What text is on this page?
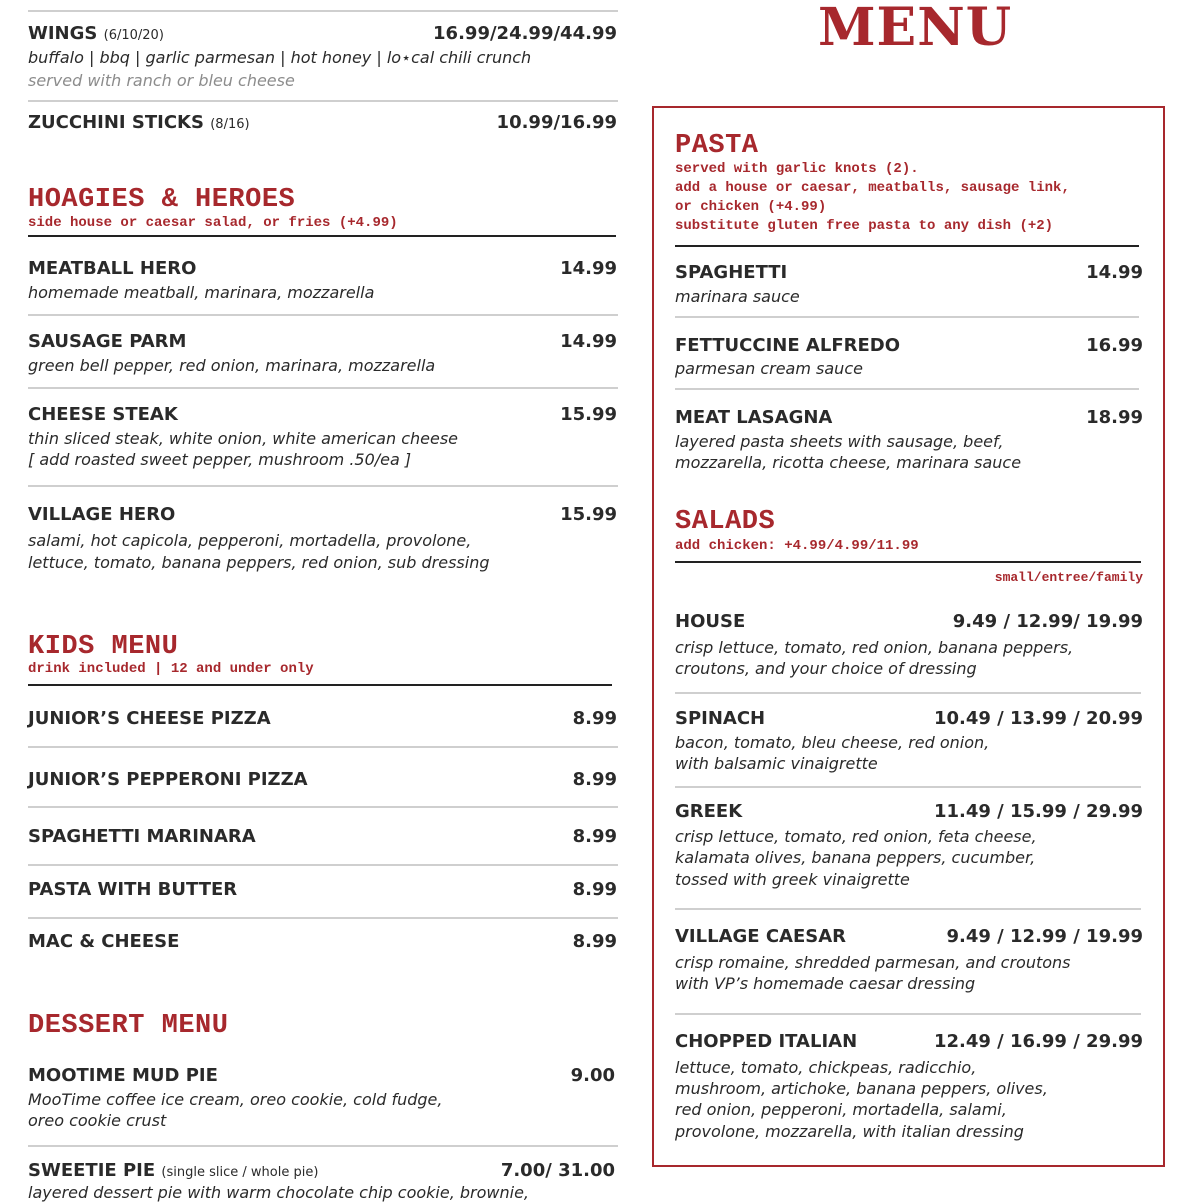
WINGS (6/10/20)	16.99/24.99/44.99
buffalo | bbq | garlic parmesan | hot honey | lo⋆cal chili crunch
served with ranch or bleu cheese
ZUCCHINI STICKS (8/16)	10.99/16.99
HOAGIES & HEROES
side house or caesar salad, or fries (+4.99)
MEATBALL HERO	14.99
homemade meatball, marinara, mozzarella
SAUSAGE PARM	14.99
green bell pepper, red onion, marinara, mozzarella
CHEESE STEAK	15.99
thin sliced steak, white onion, white american cheese
[ add roasted sweet pepper, mushroom .50/ea ]
VILLAGE HERO	15.99
salami, hot capicola, pepperoni, mortadella, provolone,
lettuce, tomato, banana peppers, red onion, sub dressing
KIDS MENU
drink included | 12 and under only
JUNIOR’S CHEESE PIZZA	8.99
JUNIOR’S PEPPERONI PIZZA	8.99
SPAGHETTI MARINARA	8.99
PASTA WITH BUTTER	8.99
MAC & CHEESE	8.99
DESSERT MENU
MOOTIME MUD PIE	9.00
MooTime coffee ice cream, oreo cookie, cold fudge,
oreo cookie crust
SWEETIE PIE (single slice / whole pie)	7.00/ 31.00
layered dessert pie with warm chocolate chip cookie, brownie,
MENU
PASTA
served with garlic knots (2).
add a house or caesar, meatballs, sausage link,
or chicken (+4.99)
substitute gluten free pasta to any dish (+2)
SPAGHETTI	14.99
marinara sauce
FETTUCCINE ALFREDO	16.99
parmesan cream sauce
MEAT LASAGNA	18.99
layered pasta sheets with sausage, beef,
mozzarella, ricotta cheese, marinara sauce
SALADS
add chicken: +4.99/4.99/11.99
small/entree/family
HOUSE	9.49 / 12.99/ 19.99
crisp lettuce, tomato, red onion, banana peppers,
croutons, and your choice of dressing
SPINACH	10.49 / 13.99 / 20.99
bacon, tomato, bleu cheese, red onion,
with balsamic vinaigrette
GREEK	11.49 / 15.99 / 29.99
crisp lettuce, tomato, red onion, feta cheese,
kalamata olives, banana peppers, cucumber,
tossed with greek vinaigrette
VILLAGE CAESAR	9.49 / 12.99 / 19.99
crisp romaine, shredded parmesan, and croutons
with VP’s homemade caesar dressing
CHOPPED ITALIAN	12.49 / 16.99 / 29.99
lettuce, tomato, chickpeas, radicchio,
mushroom, artichoke, banana peppers, olives,
red onion, pepperoni, mortadella, salami,
provolone, mozzarella, with italian dressing
